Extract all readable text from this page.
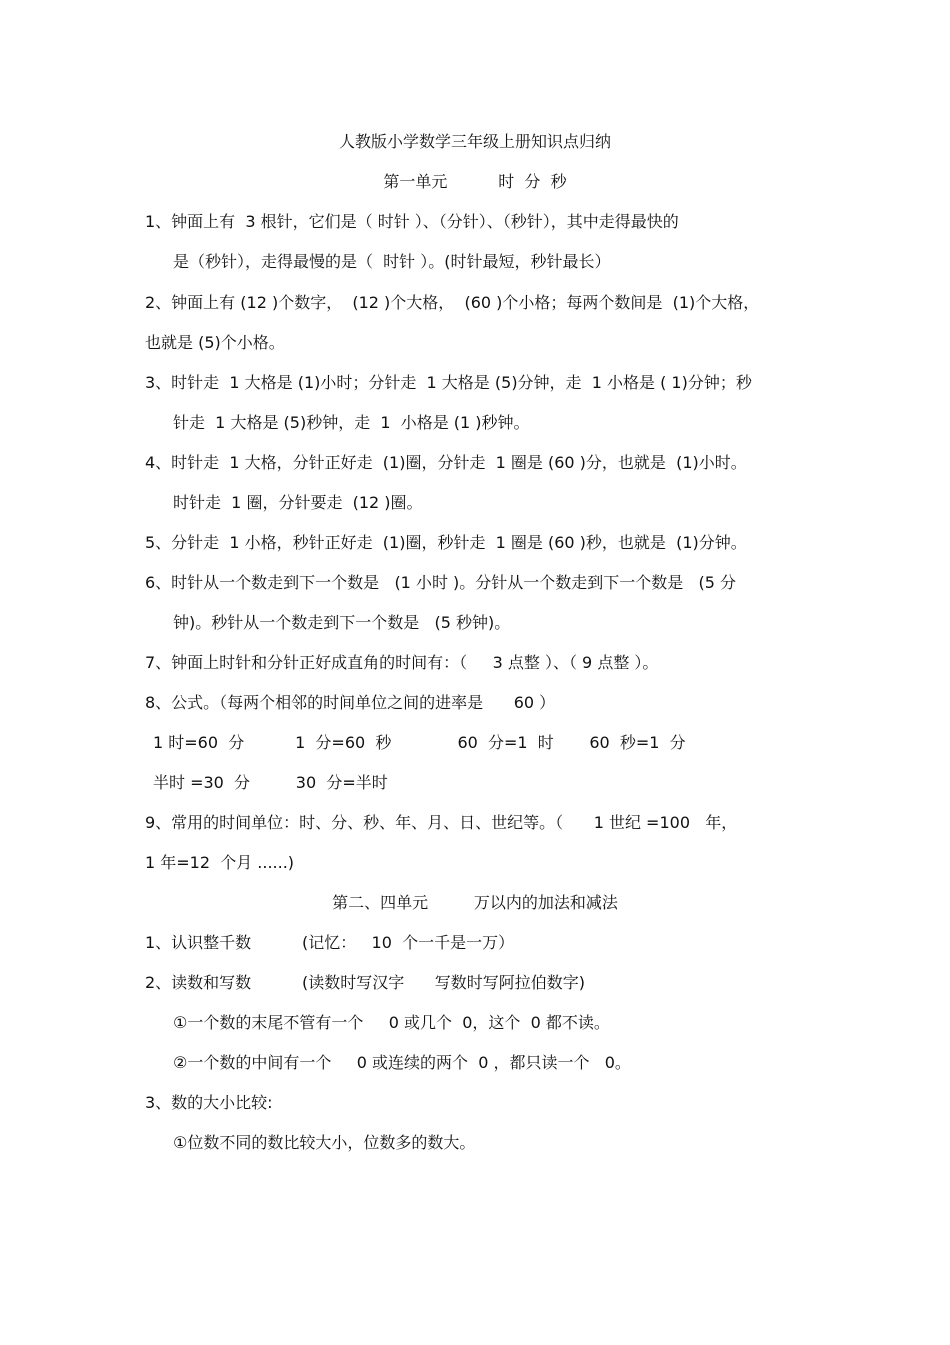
人教版小学数学三年级上册知识点归纳
第一单元          时  分  秒
1、钟面上有  3 根针，它们是（ 时针 ）、（分针）、（秒针），其中走得最快的
是（秒针），走得最慢的是（  时针 ）。(时针最短，秒针最长）
2、钟面上有 (12 )个数字，  (12 )个大格，  (60 )个小格；每两个数间是  (1)个大格，
也就是 (5)个小格。
3、时针走  1 大格是 (1)小时；分针走  1 大格是 (5)分钟，走  1 小格是 ( 1)分钟；秒
针走  1 大格是 (5)秒钟，走  1  小格是 (1 )秒钟。
4、时针走  1 大格，分针正好走  (1)圈，分针走  1 圈是 (60 )分，也就是  (1)小时。
时针走  1 圈，分针要走  (12 )圈。
5、分针走  1 小格，秒针正好走  (1)圈，秒针走  1 圈是 (60 )秒，也就是  (1)分钟。
6、时针从一个数走到下一个数是   (1 小时 )。分针从一个数走到下一个数是   (5 分
钟)。秒针从一个数走到下一个数是   (5 秒钟)。
7、钟面上时针和分针正好成直角的时间有：（     3 点整 ）、（ 9 点整 ）。
8、公式。（每两个相邻的时间单位之间的进率是      60 ）
1 时=60  分          1  分=60  秒             60  分=1  时       60  秒=1  分
半时 =30  分         30  分=半时
9、常用的时间单位：时、分、秒、年、月、日、世纪等。（      1 世纪 =100   年，
1 年=12  个月 ......)
第二、四单元         万以内的加法和减法
1、认识整千数          (记忆：   10  个一千是一万）
2、读数和写数          (读数时写汉字      写数时写阿拉伯数字)
①一个数的末尾不管有一个     0 或几个  0，这个  0 都不读。
②一个数的中间有一个     0 或连续的两个  0 ，都只读一个   0。
3、数的大小比较:
①位数不同的数比较大小，位数多的数大。
